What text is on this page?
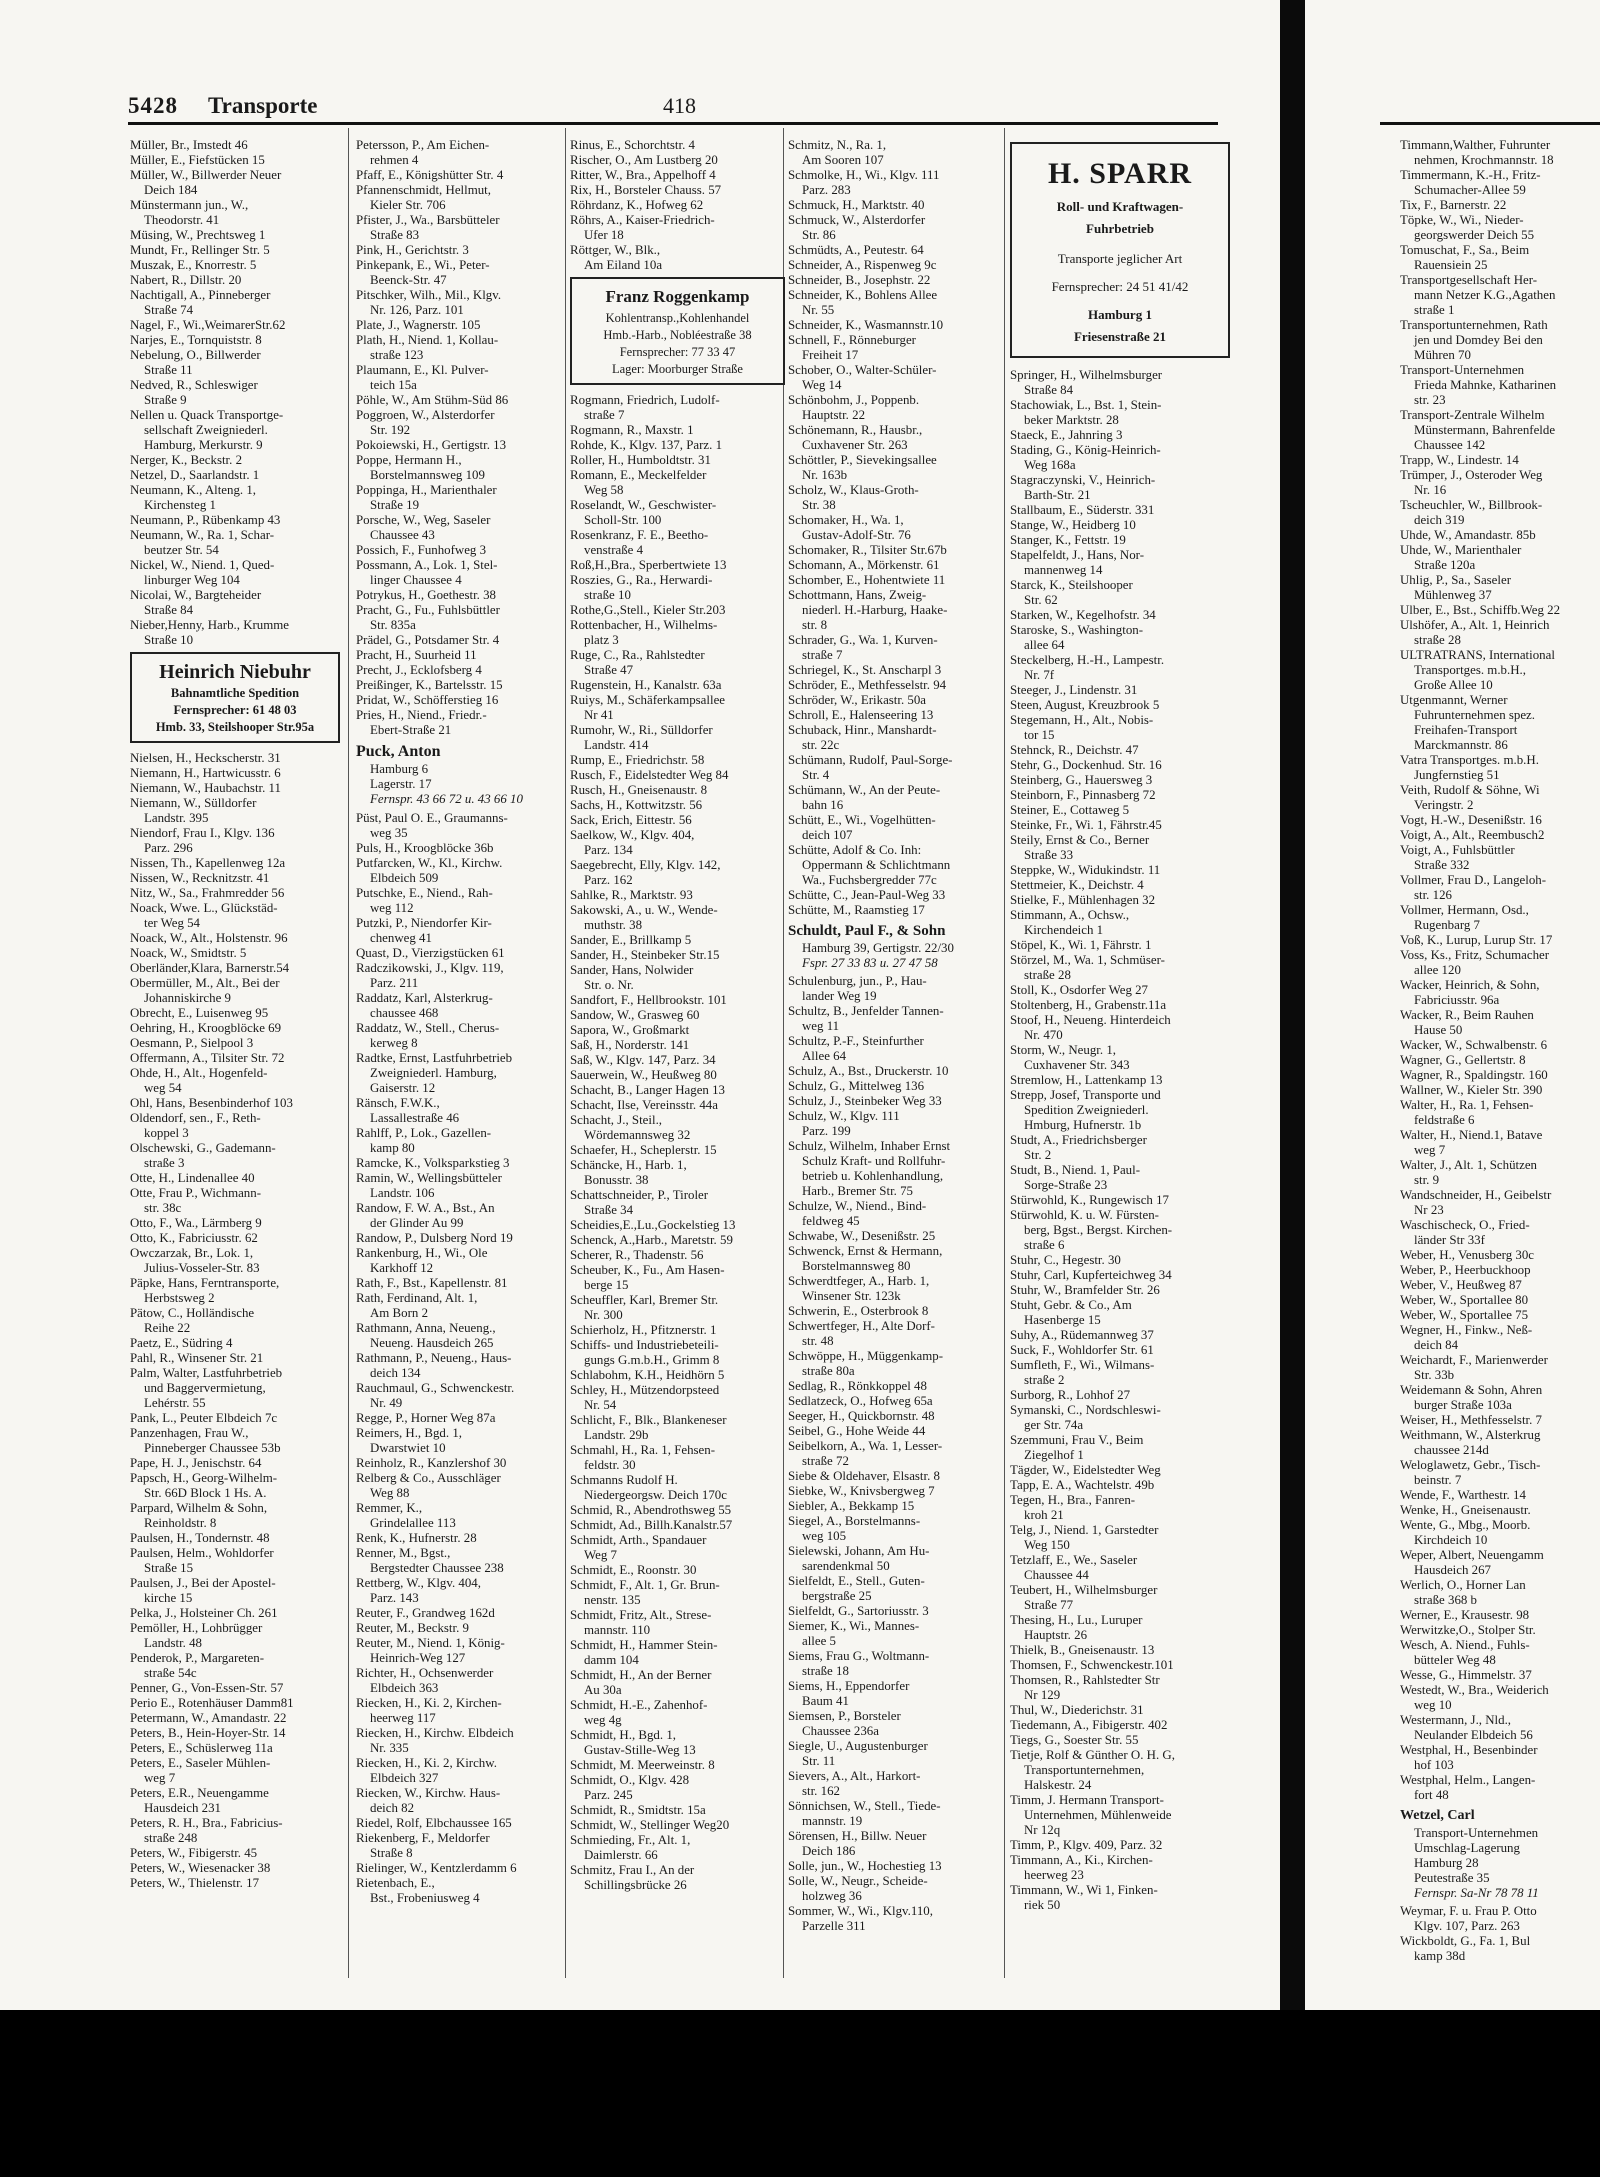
5428 Transporte	418
Müller, Br., Imstedt 46
Müller, E., Fiefstücken 15
Müller, W., Billwerder Neuer
Deich 184
Münstermann jun., W.,
Theodorstr. 41
Müsing, W., Prechtsweg 1
Mundt, Fr., Rellinger Str. 5
Muszak, E., Knorrestr. 5
Nabert, R., Dillstr. 20
Nachtigall, A., Pinneberger
Straße 74
Nagel, F., Wi.,WeimarerStr.62
Narjes, E., Tornquiststr. 8
Nebelung, O., Billwerder
Straße 11
Nedved, R., Schleswiger
Straße 9
Nellen u. Quack Transportge-
sellschaft Zweigniederl.
Hamburg, Merkurstr. 9
Nerger, K., Beckstr. 2
Netzel, D., Saarlandstr. 1
Neumann, K., Alteng. 1,
Kirchensteg 1
Neumann, P., Rübenkamp 43
Neumann, W., Ra. 1, Schar-
beutzer Str. 54
Nickel, W., Niend. 1, Qued-
linburger Weg 104
Nicolai, W., Bargteheider
Straße 84
Nieber,Henny, Harb., Krumme
Straße 10
Heinrich Niebuhr
Bahnamtliche Spedition
Fernsprecher: 61 48 03
Hmb. 33, Steilshooper Str.95a
Nielsen, H., Heckscherstr. 31
Niemann, H., Hartwicusstr. 6
Niemann, W., Haubachstr. 11
Niemann, W., Sülldorfer
Landstr. 395
Niendorf, Frau I., Klgv. 136
Parz. 296
Nissen, Th., Kapellenweg 12a
Nissen, W., Recknitzstr. 41
Nitz, W., Sa., Frahmredder 56
Noack, Wwe. L., Glückstäd-
ter Weg 54
Noack, W., Alt., Holstenstr. 96
Noack, W., Smidtstr. 5
Oberländer,Klara, Barnerstr.54
Obermüller, M., Alt., Bei der
Johanniskirche 9
Obrecht, E., Luisenweg 95
Oehring, H., Kroogblöcke 69
Oesmann, P., Sielpool 3
Offermann, A., Tilsiter Str. 72
Ohde, H., Alt., Hogenfeld-
weg 54
Ohl, Hans, Besenbinderhof 103
Oldendorf, sen., F., Reth-
koppel 3
Olschewski, G., Gademann-
straße 3
Otte, H., Lindenallee 40
Otte, Frau P., Wichmann-
str. 38c
Otto, F., Wa., Lärmberg 9
Otto, K., Fabriciusstr. 62
Owczarzak, Br., Lok. 1,
Julius-Vosseler-Str. 83
Päpke, Hans, Ferntransporte,
Herbstsweg 2
Pätow, C., Holländische
Reihe 22
Paetz, E., Südring 4
Pahl, R., Winsener Str. 21
Palm, Walter, Lastfuhrbetrieb
und Baggervermietung,
Lehérstr. 55
Pank, L., Peuter Elbdeich 7c
Panzenhagen, Frau W.,
Pinneberger Chaussee 53b
Pape, H. J., Jenischstr. 64
Papsch, H., Georg-Wilhelm-
Str. 66D Block 1 Hs. A.
Parpard, Wilhelm & Sohn,
Reinholdstr. 8
Paulsen, H., Tondernstr. 48
Paulsen, Helm., Wohldorfer
Straße 15
Paulsen, J., Bei der Apostel-
kirche 15
Pelka, J., Holsteiner Ch. 261
Pemöller, H., Lohbrügger
Landstr. 48
Penderok, P., Margareten-
straße 54c
Penner, G., Von-Essen-Str. 57
Perio E., Rotenhäuser Damm81
Petermann, W., Amandastr. 22
Peters, B., Hein-Hoyer-Str. 14
Peters, E., Schüslerweg 11a
Peters, E., Saseler Mühlen-
weg 7
Peters, E.R., Neuengamme
Hausdeich 231
Peters, R. H., Bra., Fabricius-
straße 248
Peters, W., Fibigerstr. 45
Peters, W., Wiesenacker 38
Peters, W., Thielenstr. 17
Petersson, P., Am Eichen-
rehmen 4
Pfaff, E., Königshütter Str. 4
Pfannenschmidt, Hellmut,
Kieler Str. 706
Pfister, J., Wa., Barsbütteler
Straße 83
Pink, H., Gerichtstr. 3
Pinkepank, E., Wi., Peter-
Beenck-Str. 47
Pitschker, Wilh., Mil., Klgv.
Nr. 126, Parz. 101
Plate, J., Wagnerstr. 105
Plath, H., Niend. 1, Kollau-
straße 123
Plaumann, E., Kl. Pulver-
teich 15a
Pöhle, W., Am Stühm-Süd 86
Poggroen, W., Alsterdorfer
Str. 192
Pokoiewski, H., Gertigstr. 13
Poppe, Hermann H.,
Borstelmannsweg 109
Poppinga, H., Marienthaler
Straße 19
Porsche, W., Weg, Saseler
Chaussee 43
Possich, F., Funhofweg 3
Possmann, A., Lok. 1, Stel-
linger Chaussee 4
Potrykus, H., Goethestr. 38
Pracht, G., Fu., Fuhlsbüttler
Str. 835a
Prädel, G., Potsdamer Str. 4
Pracht, H., Suurheid 11
Precht, J., Ecklofsberg 4
Preißinger, K., Bartelsstr. 15
Pridat, W., Schöfferstieg 16
Pries, H., Niend., Friedr.-
Ebert-Straße 21
Puck, Anton
Hamburg 6
Lagerstr. 17
Fernspr. 43 66 72 u. 43 66 10
Püst, Paul O. E., Graumanns-
weg 35
Puls, H., Kroogblöcke 36b
Putfarcken, W., Kl., Kirchw.
Elbdeich 509
Putschke, E., Niend., Rah-
weg 112
Putzki, P., Niendorfer Kir-
chenweg 41
Quast, D., Vierzigstücken 61
Radczikowski, J., Klgv. 119,
Parz. 211
Raddatz, Karl, Alsterkrug-
chaussee 468
Raddatz, W., Stell., Cherus-
kerweg 8
Radtke, Ernst, Lastfuhrbetrieb
Zweigniederl. Hamburg,
Gaiserstr. 12
Ränsch, F.W.K.,
Lassallestraße 46
Rahlff, P., Lok., Gazellen-
kamp 80
Ramcke, K., Volksparkstieg 3
Ramin, W., Wellingsbütteler
Landstr. 106
Randow, F. W. A., Bst., An
der Glinder Au 99
Randow, P., Dulsberg Nord 19
Rankenburg, H., Wi., Ole
Karkhoff 12
Rath, F., Bst., Kapellenstr. 81
Rath, Ferdinand, Alt. 1,
Am Born 2
Rathmann, Anna, Neueng.,
Neueng. Hausdeich 265
Rathmann, P., Neueng., Haus-
deich 134
Rauchmaul, G., Schwenckestr.
Nr. 49
Regge, P., Horner Weg 87a
Reimers, H., Bgd. 1,
Dwarstwiet 10
Reinholz, R., Kanzlershof 30
Relberg & Co., Ausschläger
Weg 88
Remmer, K.,
Grindelallee 113
Renk, K., Hufnerstr. 28
Renner, M., Bgst.,
Bergstedter Chaussee 238
Rettberg, W., Klgv. 404,
Parz. 143
Reuter, F., Grandweg 162d
Reuter, M., Beckstr. 9
Reuter, M., Niend. 1, König-
Heinrich-Weg 127
Richter, H., Ochsenwerder
Elbdeich 363
Riecken, H., Ki. 2, Kirchen-
heerweg 117
Riecken, H., Kirchw. Elbdeich
Nr. 335
Riecken, H., Ki. 2, Kirchw.
Elbdeich 327
Riecken, W., Kirchw. Haus-
deich 82
Riedel, Rolf, Elbchaussee 165
Riekenberg, F., Meldorfer
Straße 8
Rielinger, W., Kentzlerdamm 6
Rietenbach, E.,
Bst., Frobeniusweg 4
Rinus, E., Schorchtstr. 4
Rischer, O., Am Lustberg 20
Ritter, W., Bra., Appelhoff 4
Rix, H., Borsteler Chauss. 57
Röhrdanz, K., Hofweg 62
Röhrs, A., Kaiser-Friedrich-
Ufer 18
Röttger, W., Blk.,
Am Eiland 10a
Franz Roggenkamp
Kohlentransp.,Kohlenhandel
Hmb.-Harb., Nobléestraße 38
Fernsprecher: 77 33 47
Lager: Moorburger Straße
Rogmann, Friedrich, Ludolf-
straße 7
Rogmann, R., Maxstr. 1
Rohde, K., Klgv. 137, Parz. 1
Roller, H., Humboldtstr. 31
Romann, E., Meckelfelder
Weg 58
Roselandt, W., Geschwister-
Scholl-Str. 100
Rosenkranz, F. E., Beetho-
venstraße 4
Roß,H.,Bra., Sperbertwiete 13
Roszies, G., Ra., Herwardi-
straße 10
Rothe,G.,Stell., Kieler Str.203
Rottenbacher, H., Wilhelms-
platz 3
Ruge, C., Ra., Rahlstedter
Straße 47
Rugenstein, H., Kanalstr. 63a
Ruiys, M., Schäferkampsallee
Nr 41
Rumohr, W., Ri., Sülldorfer
Landstr. 414
Rump, E., Friedrichstr. 58
Rusch, F., Eidelstedter Weg 84
Rusch, H., Gneisenaustr. 8
Sachs, H., Kottwitzstr. 56
Sack, Erich, Eittestr. 56
Saelkow, W., Klgv. 404,
Parz. 134
Saegebrecht, Elly, Klgv. 142,
Parz. 162
Sahlke, R., Marktstr. 93
Sakowski, A., u. W., Wende-
muthstr. 38
Sander, E., Brillkamp 5
Sander, H., Steinbeker Str.15
Sander, Hans, Nolwider
Str. o. Nr.
Sandfort, F., Hellbrookstr. 101
Sandow, W., Grasweg 60
Sapora, W., Großmarkt
Saß, H., Norderstr. 141
Saß, W., Klgv. 147, Parz. 34
Sauerwein, W., Heußweg 80
Schacht, B., Langer Hagen 13
Schacht, Ilse, Vereinsstr. 44a
Schacht, J., Steil.,
Wördemannsweg 32
Schaefer, H., Scheplerstr. 15
Schäncke, H., Harb. 1,
Bonusstr. 38
Schattschneider, P., Tiroler
Straße 34
Scheidies,E.,Lu.,Gockelstieg 13
Schenck, A.,Harb., Maretstr. 59
Scherer, R., Thadenstr. 56
Scheuber, K., Fu., Am Hasen-
berge 15
Scheuffler, Karl, Bremer Str.
Nr. 300
Schierholz, H., Pfitznerstr. 1
Schiffs- und Industriebeteili-
gungs G.m.b.H., Grimm 8
Schlabohm, K.H., Heidhörn 5
Schley, H., Mützendorpsteed
Nr. 54
Schlicht, F., Blk., Blankeneser
Landstr. 29b
Schmahl, H., Ra. 1, Fehsen-
feldstr. 30
Schmanns Rudolf H.
Niedergeorgsw. Deich 170c
Schmid, R., Abendrothsweg 55
Schmidt, Ad., Billh.Kanalstr.57
Schmidt, Arth., Spandauer
Weg 7
Schmidt, E., Roonstr. 30
Schmidt, F., Alt. 1, Gr. Brun-
nenstr. 135
Schmidt, Fritz, Alt., Strese-
mannstr. 110
Schmidt, H., Hammer Stein-
damm 104
Schmidt, H., An der Berner
Au 30a
Schmidt, H.-E., Zahenhof-
weg 4g
Schmidt, H., Bgd. 1,
Gustav-Stille-Weg 13
Schmidt, M. Meerweinstr. 8
Schmidt, O., Klgv. 428
Parz. 245
Schmidt, R., Smidtstr. 15a
Schmidt, W., Stellinger Weg20
Schmieding, Fr., Alt. 1,
Daimlerstr. 66
Schmitz, Frau I., An der
Schillingsbrücke 26
Schmitz, N., Ra. 1,
Am Sooren 107
Schmolke, H., Wi., Klgv. 111
Parz. 283
Schmuck, H., Marktstr. 40
Schmuck, W., Alsterdorfer
Str. 86
Schmüdts, A., Peutestr. 64
Schneider, A., Rispenweg 9c
Schneider, B., Josephstr. 22
Schneider, K., Bohlens Allee
Nr. 55
Schneider, K., Wasmannstr.10
Schnell, F., Rönneburger
Freiheit 17
Schober, O., Walter-Schüler-
Weg 14
Schönbohm, J., Poppenb.
Hauptstr. 22
Schönemann, R., Hausbr.,
Cuxhavener Str. 263
Schöttler, P., Sievekingsallee
Nr. 163b
Scholz, W., Klaus-Groth-
Str. 38
Schomaker, H., Wa. 1,
Gustav-Adolf-Str. 76
Schomaker, R., Tilsiter Str.67b
Schomann, A., Mörkenstr. 61
Schomber, E., Hohentwiete 11
Schottmann, Hans, Zweig-
niederl. H.-Harburg, Haake-
str. 8
Schrader, G., Wa. 1, Kurven-
straße 7
Schriegel, K., St. Anscharpl 3
Schröder, E., Methfesselstr. 94
Schröder, W., Erikastr. 50a
Schroll, E., Halenseering 13
Schuback, Hinr., Manshardt-
str. 22c
Schümann, Rudolf, Paul-Sorge-
Str. 4
Schümann, W., An der Peute-
bahn 16
Schütt, E., Wi., Vogelhütten-
deich 107
Schütte, Adolf & Co. Inh:
Oppermann & Schlichtmann
Wa., Fuchsbergredder 77c
Schütte, C., Jean-Paul-Weg 33
Schütte, M., Raamstieg 17
Schuldt, Paul F., & Sohn
Hamburg 39, Gertigstr. 22/30
Fspr. 27 33 83 u. 27 47 58
Schulenburg, jun., P., Hau-
lander Weg 19
Schultz, B., Jenfelder Tannen-
weg 11
Schultz, P.-F., Steinfurther
Allee 64
Schulz, A., Bst., Druckerstr. 10
Schulz, G., Mittelweg 136
Schulz, J., Steinbeker Weg 33
Schulz, W., Klgv. 111
Parz. 199
Schulz, Wilhelm, Inhaber Ernst
Schulz Kraft- und Rollfuhr-
betrieb u. Kohlenhandlung,
Harb., Bremer Str. 75
Schulze, W., Niend., Bind-
feldweg 45
Schwabe, W., Desenißstr. 25
Schwenck, Ernst & Hermann,
Borstelmannsweg 80
Schwerdtfeger, A., Harb. 1,
Winsener Str. 123k
Schwerin, E., Osterbrook 8
Schwertfeger, H., Alte Dorf-
str. 48
Schwöppe, H., Müggenkamp-
straße 80a
Sedlag, R., Rönkkoppel 48
Sedlatzeck, O., Hofweg 65a
Seeger, H., Quickbornstr. 48
Seibel, G., Hohe Weide 44
Seibelkorn, A., Wa. 1, Lesser-
straße 72
Siebe & Oldehaver, Elsastr. 8
Siebke, W., Knivsbergweg 7
Siebler, A., Bekkamp 15
Siegel, A., Borstelmanns-
weg 105
Sielewski, Johann, Am Hu-
sarendenkmal 50
Sielfeldt, E., Stell., Guten-
bergstraße 25
Sielfeldt, G., Sartoriusstr. 3
Siemer, K., Wi., Mannes-
allee 5
Siems, Frau G., Woltmann-
straße 18
Siems, H., Eppendorfer
Baum 41
Siemsen, P., Borsteler
Chaussee 236a
Siegle, U., Augustenburger
Str. 11
Sievers, A., Alt., Harkort-
str. 162
Sönnichsen, W., Stell., Tiede-
mannstr. 19
Sörensen, H., Billw. Neuer
Deich 186
Solle, jun., W., Hochestieg 13
Solle, W., Neugr., Scheide-
holzweg 36
Sommer, W., Wi., Klgv.110,
Parzelle 311
H. SPARR
Roll- und Kraftwagen-
Fuhrbetrieb
Transporte jeglicher Art
Fernsprecher: 24 51 41/42
Hamburg 1
Friesenstraße 21
Springer, H., Wilhelmsburger
Straße 84
Stachowiak, L., Bst. 1, Stein-
beker Marktstr. 28
Staeck, E., Jahnring 3
Stading, G., König-Heinrich-
Weg 168a
Stagraczynski, V., Heinrich-
Barth-Str. 21
Stallbaum, E., Süderstr. 331
Stange, W., Heidberg 10
Stanger, K., Fettstr. 19
Stapelfeldt, J., Hans, Nor-
mannenweg 14
Starck, K., Steilshooper
Str. 62
Starken, W., Kegelhofstr. 34
Staroske, S., Washington-
allee 64
Steckelberg, H.-H., Lampestr.
Nr. 7f
Steeger, J., Lindenstr. 31
Steen, August, Kreuzbrook 5
Stegemann, H., Alt., Nobis-
tor 15
Stehnck, R., Deichstr. 47
Stehr, G., Dockenhud. Str. 16
Steinberg, G., Hauersweg 3
Steinborn, F., Pinnasberg 72
Steiner, E., Cottaweg 5
Steinke, Fr., Wi. 1, Fährstr.45
Steily, Ernst & Co., Berner
Straße 33
Steppke, W., Widukindstr. 11
Stettmeier, K., Deichstr. 4
Stielke, F., Mühlenhagen 32
Stimmann, A., Ochsw.,
Kirchendeich 1
Stöpel, K., Wi. 1, Fährstr. 1
Störzel, M., Wa. 1, Schmüser-
straße 28
Stoll, K., Osdorfer Weg 27
Stoltenberg, H., Grabenstr.11a
Stoof, H., Neueng. Hinterdeich
Nr. 470
Storm, W., Neugr. 1,
Cuxhavener Str. 343
Stremlow, H., Lattenkamp 13
Strepp, Josef, Transporte und
Spedition Zweigniederl.
Hmburg, Hufnerstr. 1b
Studt, A., Friedrichsberger
Str. 2
Studt, B., Niend. 1, Paul-
Sorge-Straße 23
Stürwohld, K., Rungewisch 17
Stürwohld, K. u. W. Fürsten-
berg, Bgst., Bergst. Kirchen-
straße 6
Stuhr, C., Hegestr. 30
Stuhr, Carl, Kupferteichweg 34
Stuhr, W., Bramfelder Str. 26
Stuht, Gebr. & Co., Am
Hasenberge 15
Suhy, A., Rüdemannweg 37
Suck, F., Wohldorfer Str. 61
Sumfleth, F., Wi., Wilmans-
straße 2
Surborg, R., Lohhof 27
Symanski, C., Nordschleswi-
ger Str. 74a
Szemmuni, Frau V., Beim
Ziegelhof 1
Tägder, W., Eidelstedter Weg
Tapp, E. A., Wachtelstr. 49b
Tegen, H., Bra., Fanren-
kroh 21
Telg, J., Niend. 1, Garstedter
Weg 150
Tetzlaff, E., We., Saseler
Chaussee 44
Teubert, H., Wilhelmsburger
Straße 77
Thesing, H., Lu., Luruper
Hauptstr. 26
Thielk, B., Gneisenaustr. 13
Thomsen, F., Schwenckestr.101
Thomsen, R., Rahlstedter Str
Nr 129
Thul, W., Diederichstr. 31
Tiedemann, A., Fibigerstr. 402
Tiegs, G., Soester Str. 55
Tietje, Rolf & Günther O. H. G,
Transportunternehmen,
Halskestr. 24
Timm, J. Hermann Transport-
Unternehmen, Mühlenweide
Nr 12q
Timm, P., Klgv. 409, Parz. 32
Timmann, A., Ki., Kirchen-
heerweg 23
Timmann, W., Wi 1, Finken-
riek 50
Timmann,Walther, Fuhrunter
nehmen, Krochmannstr. 18
Timmermann, K.-H., Fritz-
Schumacher-Allee 59
Tix, F., Barnerstr. 22
Töpke, W., Wi., Nieder-
georgswerder Deich 55
Tomuschat, F., Sa., Beim
Rauensiein 25
Transportgesellschaft Her-
mann Netzer K.G.,Agathen
straße 1
Transportunternehmen, Rath
jen und Domdey Bei den
Mühren 70
Transport-Unternehmen
Frieda Mahnke, Katharinen
str. 23
Transport-Zentrale Wilhelm
Münstermann, Bahrenfelde
Chaussee 142
Trapp, W., Lindestr. 14
Trümper, J., Osteroder Weg
Nr. 16
Tscheuchler, W., Billbrook-
deich 319
Uhde, W., Amandastr. 85b
Uhde, W., Marienthaler
Straße 120a
Uhlig, P., Sa., Saseler
Mühlenweg 37
Ulber, E., Bst., Schiffb.Weg 22
Ulshöfer, A., Alt. 1, Heinrich
straße 28
ULTRATRANS, International
Transportges. m.b.H.,
Große Allee 10
Utgenmannt, Werner
Fuhrunternehmen spez.
Freihafen-Transport
Marckmannstr. 86
Vatra Transportges. m.b.H.
Jungfernstieg 51
Veith, Rudolf & Söhne, Wi
Veringstr. 2
Vogt, H.-W., Desenißstr. 16
Voigt, A., Alt., Reembusch2
Voigt, A., Fuhlsbüttler
Straße 332
Vollmer, Frau D., Langeloh-
str. 126
Vollmer, Hermann, Osd.,
Rugenbarg 7
Voß, K., Lurup, Lurup Str. 17
Voss, Ks., Fritz, Schumacher
allee 120
Wacker, Heinrich, & Sohn,
Fabriciusstr. 96a
Wacker, R., Beim Rauhen
Hause 50
Wacker, W., Schwalbenstr. 6
Wagner, G., Gellertstr. 8
Wagner, R., Spaldingstr. 160
Wallner, W., Kieler Str. 390
Walter, H., Ra. 1, Fehsen-
feldstraße 6
Walter, H., Niend.1, Batave
weg 7
Walter, J., Alt. 1, Schützen
str. 9
Wandschneider, H., Geibelstr
Nr 23
Waschischeck, O., Fried-
länder Str 33f
Weber, H., Venusberg 30c
Weber, P., Heerbuckhoop
Weber, V., Heußweg 87
Weber, W., Sportallee 80
Weber, W., Sportallee 75
Wegner, H., Finkw., Neß-
deich 84
Weichardt, F., Marienwerder
Str. 33b
Weidemann & Sohn, Ahren
burger Straße 103a
Weiser, H., Methfesselstr. 7
Weithmann, W., Alsterkrug
chaussee 214d
Weloglawetz, Gebr., Tisch-
beinstr. 7
Wende, F., Warthestr. 14
Wenke, H., Gneisenaustr.
Wente, G., Mbg., Moorb.
Kirchdeich 10
Weper, Albert, Neuengamm
Hausdeich 267
Werlich, O., Horner Lan
straße 368 b
Werner, E., Krausestr. 98
Werwitzke,O., Stolper Str.
Wesch, A. Niend., Fuhls-
bütteler Weg 48
Wesse, G., Himmelstr. 37
Westedt, W., Bra., Weiderich
weg 10
Westermann, J., Nld.,
Neulander Elbdeich 56
Westphal, H., Besenbinder
hof 103
Westphal, Helm., Langen-
fort 48
Wetzel, Carl
Transport-Unternehmen
Umschlag-Lagerung
Hamburg 28
Peutestraße 35
Fernspr. Sa-Nr 78 78 11
Weymar, F. u. Frau P. Otto
Klgv. 107, Parz. 263
Wickboldt, G., Fa. 1, Bul
kamp 38d
